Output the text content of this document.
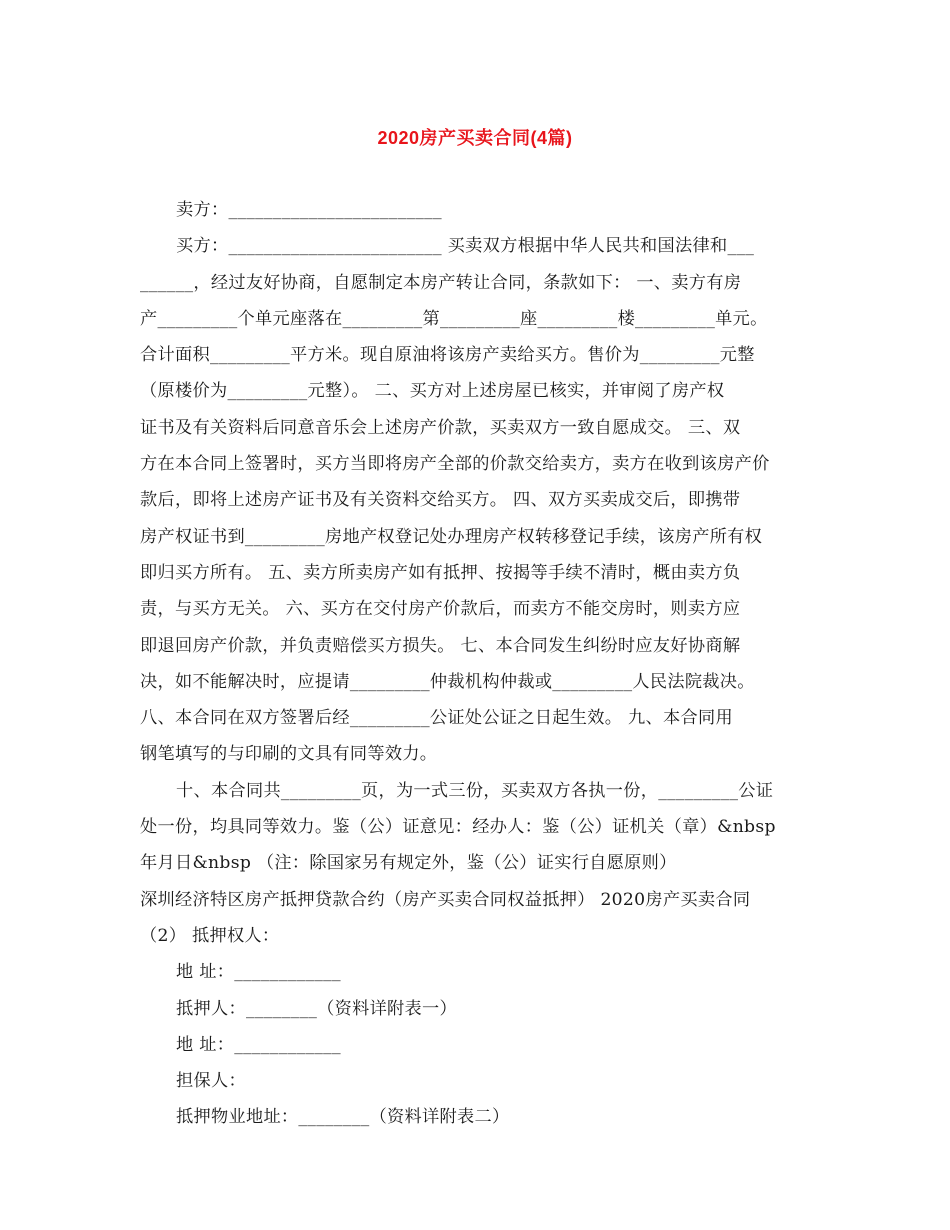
2020房产买卖合同(4篇)
卖方：________________________
买方：________________________ 买卖双方根据中华人民共和国法律和___
______，经过友好协商，自愿制定本房产转让合同，条款如下： 一、卖方有房
产_________个单元座落在_________第_________座_________楼_________单元。
合计面积_________平方米。现自原油将该房产卖给买方。售价为_________元整
（原楼价为_________元整）。 二、买方对上述房屋已核实，并审阅了房产权
证书及有关资料后同意音乐会上述房产价款，买卖双方一致自愿成交。 三、双
方在本合同上签署时，买方当即将房产全部的价款交给卖方，卖方在收到该房产价
款后，即将上述房产证书及有关资料交给买方。 四、双方买卖成交后，即携带
房产权证书到_________房地产权登记处办理房产权转移登记手续，该房产所有权
即归买方所有。 五、卖方所卖房产如有抵押、按揭等手续不清时，概由卖方负
责，与买方无关。 六、买方在交付房产价款后，而卖方不能交房时，则卖方应
即退回房产价款，并负责赔偿买方损失。 七、本合同发生纠纷时应友好协商解
决，如不能解决时，应提请_________仲裁机构仲裁或_________人民法院裁决。
八、本合同在双方签署后经_________公证处公证之日起生效。 九、本合同用
钢笔填写的与印刷的文具有同等效力。
十、本合同共_________页，为一式三份，买卖双方各执一份，_________公证
处一份，均具同等效力。鉴（公）证意见：经办人：鉴（公）证机关（章）&nbsp
年月日&nbsp （注：除国家另有规定外，鉴（公）证实行自愿原则）
深圳经济特区房产抵押贷款合约（房产买卖合同权益抵押） 2020房产买卖合同
（2） 抵押权人：
地 址：____________
抵押人：________（资料详附表一）
地 址：____________
担保人：
抵押物业地址：________（资料详附表二）
